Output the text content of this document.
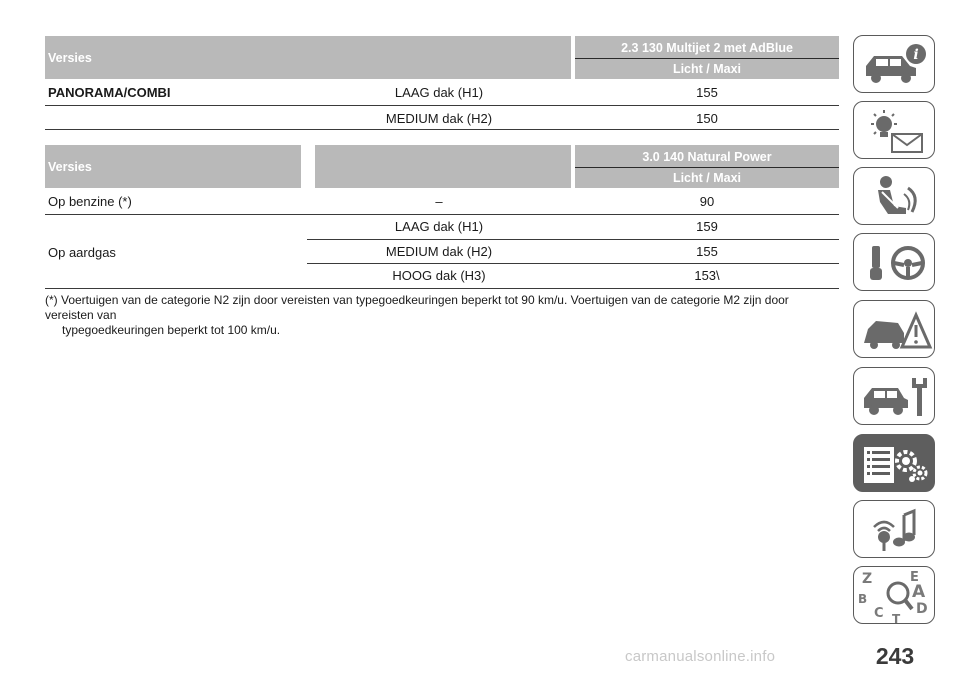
Versies
2.3 130 Multijet 2 met AdBlue
Licht / Maxi
PANORAMA/COMBI	LAAG dak (H1)	155
MEDIUM dak (H2)	150
Versies
3.0 140 Natural Power
Licht / Maxi
Op benzine (*)	–	90
Op aardgas
LAAG dak (H1)	159
MEDIUM dak (H2)	155
HOOG dak (H3)	153\
(*) Voertuigen van de categorie N2 zijn door vereisten van typegoedkeuringen beperkt tot 90 km/u. Voertuigen van de categorie M2 zijn door vereisten van
typegoedkeuringen beperkt tot 100 km/u.
i
Z	E
B	A
C D
T
243
carmanualsonline.info
